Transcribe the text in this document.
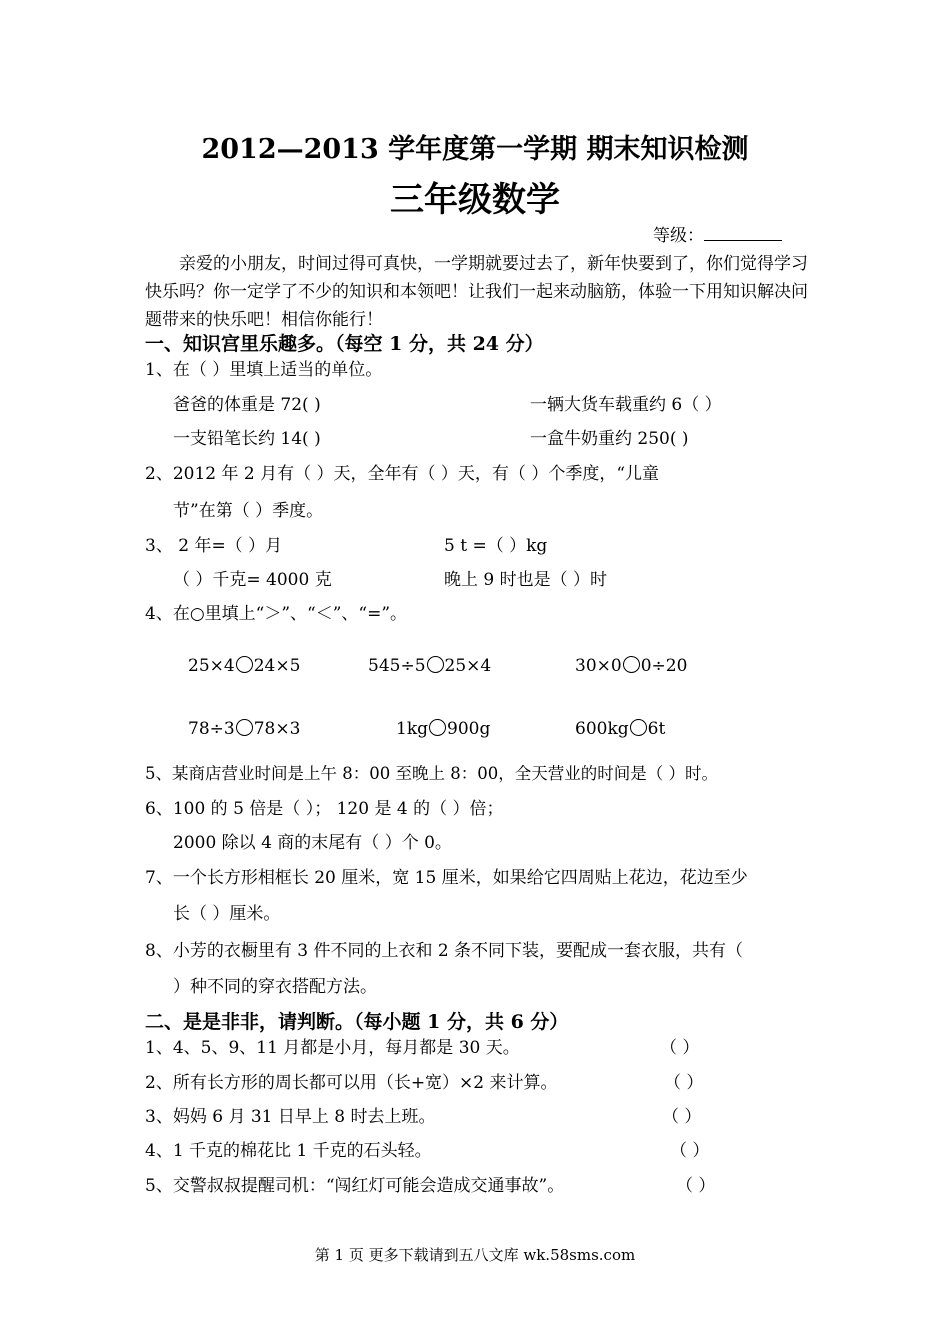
2012—2013 学年度第一学期 期末知识检测
三年级数学
等级：
亲爱的小朋友，时间过得可真快，一学期就要过去了，新年快要到了，你们觉得学习快乐吗？你一定学了不少的知识和本领吧！让我们一起来动脑筋，体验一下用知识解决问题带来的快乐吧！相信你能行！
一、知识宫里乐趣多。（每空 1 分，共 24 分）
1、在（ ）里填上适当的单位。
爸爸的体重是 72( )	一辆大货车载重约 6（ ）
一支铅笔长约 14( )	一盒牛奶重约 250( )
2、2012 年 2 月有（ ）天，全年有（ ）天，有（ ）个季度，“儿童
节”在第（ ）季度。
3、 2 年=（ ）月	5 t =（ ）kg
（ ）千克= 4000 克	晚上 9 时也是（ ）时
4、在○里填上“＞”、“＜”、“=”。
25×4 24×5	545÷5 25×4	30×0 0÷20
78÷3 78×3	1kg 900g	600kg 6t
5、某商店营业时间是上午 8：00 至晚上 8：00，全天营业的时间是（ ）时。
6、100 的 5 倍是（ ）； 120 是 4 的（ ）倍；
2000 除以 4 商的末尾有（ ）个 0。
7、一个长方形相框长 20 厘米，宽 15 厘米，如果给它四周贴上花边，花边至少
长（ ）厘米。
8、小芳的衣橱里有 3 件不同的上衣和 2 条不同下装，要配成一套衣服，共有（
）种不同的穿衣搭配方法。
二、是是非非，请判断。（每小题 1 分，共 6 分）
1、4、5、9、11 月都是小月，每月都是 30 天。	（ ）
2、所有长方形的周长都可以用（长+宽）×2 来计算。	（ ）
3、妈妈 6 月 31 日早上 8 时去上班。	（ ）
4、1 千克的棉花比 1 千克的石头轻。	（ ）
5、交警叔叔提醒司机：“闯红灯可能会造成交通事故”。	（ ）
第 1 页 更多下载请到五八文库 wk.58sms.com
